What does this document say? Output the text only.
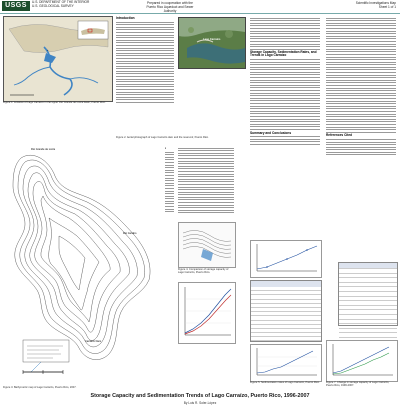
USGS	U.S. DEPARTMENT OF THE INTERIOR
U.S. GEOLOGICAL SURVEY
Prepared in cooperation with the
Puerto Rico Aqueduct and Sewer Authority
Scientific Investigations Map
Sheet 1 of 1
+
Figure 1. Location of Lago Carraízo in the upper Río Grande de Loíza basin, Puerto Rico.
Introduction
Lago Carraízo
Figure 2. Aerial photograph of Lago Carraízo dam and the reservoir, Puerto Rico.
Storage Capacity, Sedimentation Rates, and Trends in Lago Carraízo
Summary and Conclusions
References Cited
Río Grande de Loíza
Río Gurabo
Carraízo Dam
Figure 3. Bathymetric map of Lago Carraízo, Puerto Rico, 2007.
Figure 4. Comparison of storage capacity of Lago Carraízo, Puerto Rico.
Figure 5. Sedimentation rates of Lago Carraízo, Puerto Rico. Figure 7. Change in storage capacity of Lago Carraízo, Puerto Rico, 1996-2007.
Storage Capacity and Sedimentation Trends of Lago Carraízo, Puerto Rico, 1996-2007
By Luis R. Soler-López
